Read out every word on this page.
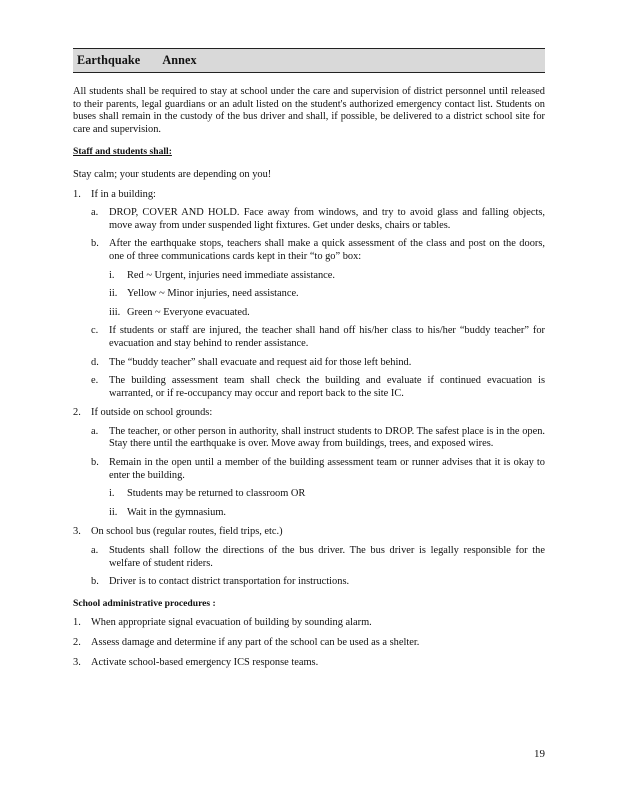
Earthquake Annex

All students shall be required to stay at school under the care and supervision of district personnel until released to their parents, legal guardians or an adult listed on the student's authorized emergency contact list. Students on buses shall remain in the custody of the bus driver and shall, if possible, be delivered to a district school site for care and supervision.

Staff and students shall:

Stay calm; your students are depending on you!

1. If in a building:
a.	DROP, COVER AND HOLD. Face away from windows, and try to avoid glass and falling objects, move away from under suspended light fixtures. Get under desks, chairs or tables.
b. After the earthquake stops, teachers shall make a quick assessment of the class and post on the doors, one of three communications cards kept in their “to go” box:
i.	Red ~ Urgent, injuries need immediate assistance.
ii. Yellow ~ Minor injuries, need assistance.
iii. Green ~ Everyone evacuated.
c.	If students or staff are injured, the teacher shall hand off his/her class to his/her “buddy teacher” for evacuation and stay behind to render assistance.
d. The “buddy teacher” shall evacuate and request aid for those left behind.
e.	The building assessment team shall check the building and evaluate if continued evacuation is warranted, or if re-occupancy may occur and report back to the site IC.
2. If outside on school grounds:
a.	The teacher, or other person in authority, shall instruct students to DROP. The safest place is in the open. Stay there until the earthquake is over. Move away from buildings, trees, and exposed wires.
b. Remain in the open until a member of the building assessment team or runner advises that it is okay to enter the building.
i.	Students may be returned to classroom OR
ii. Wait in the gymnasium.
3. On school bus (regular routes, field trips, etc.)
a.	Students shall follow the directions of the bus driver. The bus driver is legally responsible for the welfare of student riders.
b. Driver is to contact district transportation for instructions.

School administrative procedures :

1. When appropriate signal evacuation of building by sounding alarm.
2. Assess damage and determine if any part of the school can be used as a shelter.
3. Activate school-based emergency ICS response teams.
19
